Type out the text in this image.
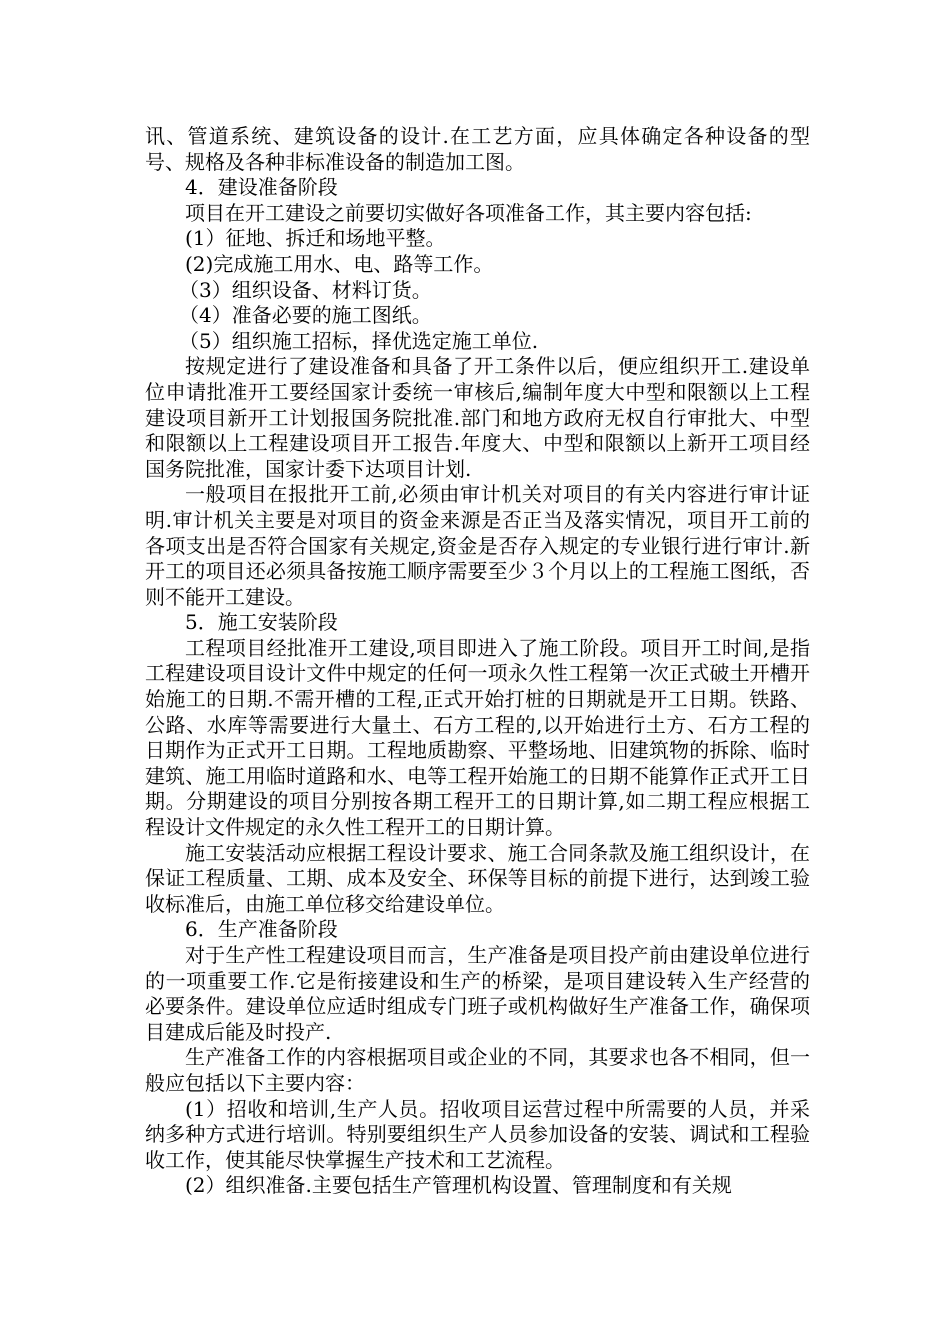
讯、管道系统、建筑设备的设计.在工艺方面，应具体确定各种设备的型号、规格及各种非标准设备的制造加工图。

4．建设准备阶段

项目在开工建设之前要切实做好各项准备工作，其主要内容包括:

(1）征地、拆迁和场地平整。

(2)完成施工用水、电、路等工作。

（3）组织设备、材料订货。

（4）准备必要的施工图纸。

（5）组织施工招标，择优选定施工单位.

按规定进行了建设准备和具备了开工条件以后，便应组织开工.建设单位申请批准开工要经国家计委统一审核后,编制年度大中型和限额以上工程建设项目新开工计划报国务院批准.部门和地方政府无权自行审批大、中型和限额以上工程建设项目开工报告.年度大、中型和限额以上新开工项目经国务院批准，国家计委下达项目计划.

一般项目在报批开工前,必须由审计机关对项目的有关内容进行审计证明.审计机关主要是对项目的资金来源是否正当及落实情况，项目开工前的各项支出是否符合国家有关规定,资金是否存入规定的专业银行进行审计.新开工的项目还必须具备按施工顺序需要至少３个月以上的工程施工图纸，否则不能开工建设。

5．施工安装阶段

工程项目经批准开工建设,项目即进入了施工阶段。项目开工时间,是指工程建设项目设计文件中规定的任何一项永久性工程第一次正式破土开槽开始施工的日期.不需开槽的工程,正式开始打桩的日期就是开工日期。铁路、公路、水库等需要进行大量土、石方工程的,以开始进行土方、石方工程的日期作为正式开工日期。工程地质勘察、平整场地、旧建筑物的拆除、临时建筑、施工用临时道路和水、电等工程开始施工的日期不能算作正式开工日期。分期建设的项目分别按各期工程开工的日期计算,如二期工程应根据工程设计文件规定的永久性工程开工的日期计算。

施工安装活动应根据工程设计要求、施工合同条款及施工组织设计，在保证工程质量、工期、成本及安全、环保等目标的前提下进行，达到竣工验收标准后，由施工单位移交给建设单位。

6．生产准备阶段

对于生产性工程建设项目而言，生产准备是项目投产前由建设单位进行的一项重要工作.它是衔接建设和生产的桥梁，是项目建设转入生产经营的必要条件。建设单位应适时组成专门班子或机构做好生产准备工作，确保项目建成后能及时投产.

生产准备工作的内容根据项目或企业的不同，其要求也各不相同，但一般应包括以下主要内容：

(1）招收和培训,生产人员。招收项目运营过程中所需要的人员，并采纳多种方式进行培训。特别要组织生产人员参加设备的安装、调试和工程验收工作，使其能尽快掌握生产技术和工艺流程。

(2）组织准备.主要包括生产管理机构设置、管理制度和有关规
